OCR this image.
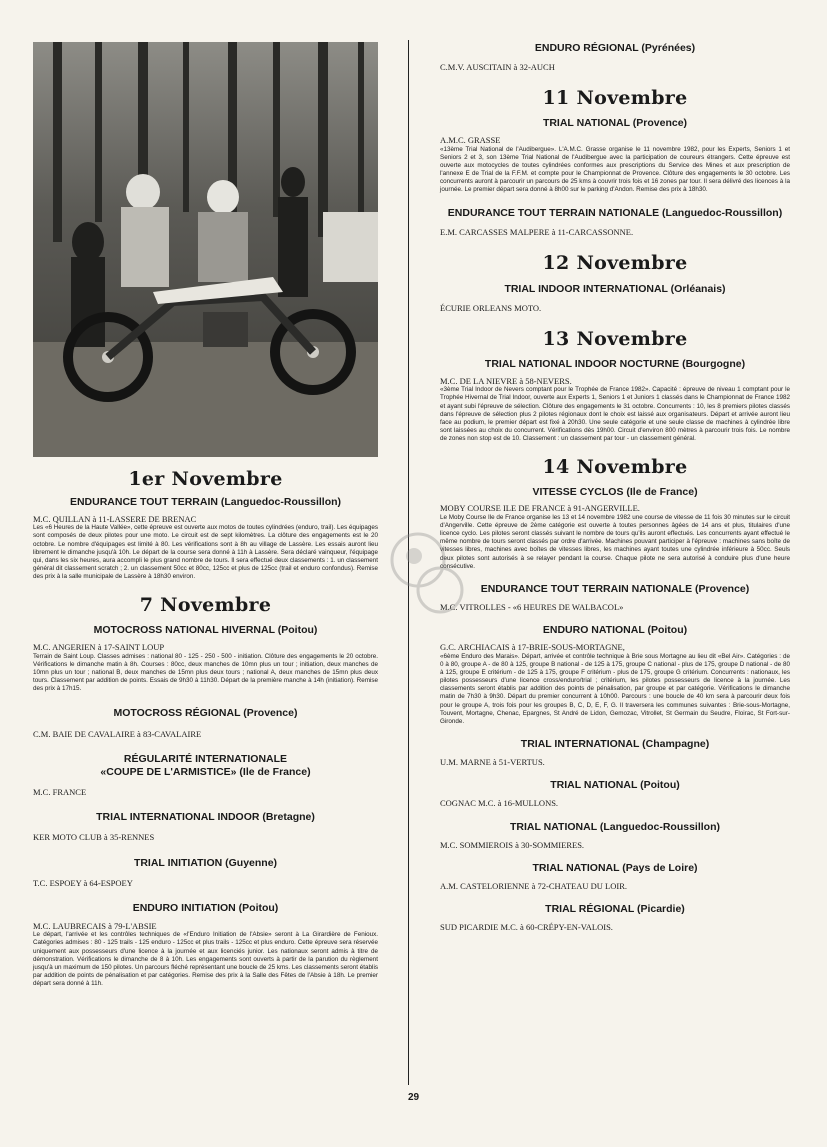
1er Novembre
ENDURANCE TOUT TERRAIN (Languedoc-Roussillon)
M.C. QUILLAN à 11-LASSERE DE BRENAC
Les «6 Heures de la Haute Vallée», cette épreuve est ouverte aux motos de toutes cylindrées (enduro, trail). Les équipages sont composés de deux pilotes pour une moto. Le circuit est de sept kilomètres. La clôture des engagements est le 20 octobre. Le nombre d'équipages est limité à 80. Les vérifications sont à 8h au village de Lassère. Les essais auront lieu librement le dimanche jusqu'à 10h. Le départ de la course sera donné à 11h à Lassère. Sera déclaré vainqueur, l'équipage qui, dans les six heures, aura accompli le plus grand nombre de tours. Il sera effectué deux classements : 1. un classement général dit classement scratch ; 2. un classement 50cc et 80cc, 125cc et plus de 125cc (trail et enduro confondus). Remise des prix à la salle municipale de Lassère à 18h30 environ.
7 Novembre
MOTOCROSS NATIONAL HIVERNAL (Poitou)
M.C. ANGERIEN à 17-SAINT LOUP
Terrain de Saint Loup. Classes admises : national 80 - 125 - 250 - 500 - initiation. Clôture des engagements le 20 octobre. Vérifications le dimanche matin à 8h. Courses : 80cc, deux manches de 10mn plus un tour ; initiation, deux manches de 10mn plus un tour ; national B, deux manches de 15mn plus deux tours ; national A, deux manches de 15mn plus deux tours. Classement par addition de points. Essais de 9h30 à 11h30. Départ de la première manche à 14h (initiation). Remise des prix à 17h15.
MOTOCROSS RÉGIONAL (Provence)
C.M. BAIE DE CAVALAIRE à 83-CAVALAIRE
RÉGULARITÉ INTERNATIONALE
«COUPE DE L'ARMISTICE» (Ile de France)
M.C. FRANCE
TRIAL INTERNATIONAL INDOOR (Bretagne)
KER MOTO CLUB à 35-RENNES
TRIAL INITIATION (Guyenne)
T.C. ESPOEY à 64-ESPOEY
ENDURO INITIATION (Poitou)
M.C. LAUBRECAIS à 79-L'ABSIE
Le départ, l'arrivée et les contrôles techniques de «l'Enduro Initiation de l'Absie» seront à La Girardière de Fenioux. Catégories admises : 80 - 125 trails - 125 enduro - 125cc et plus trails - 125cc et plus enduro. Cette épreuve sera réservée uniquement aux possesseurs d'une licence à la journée et aux licenciés junior. Les nationaux seront admis à titre de démonstration. Vérifications le dimanche de 8 à 10h. Les engagements sont ouverts à partir de la parution du règlement jusqu'à un maximum de 150 pilotes. Un parcours fléché représentant une boucle de 25 kms. Les classements seront établis par addition de points de pénalisation et par catégories. Remise des prix à la Salle des Fêtes de l'Absie à 18h. Le premier départ sera donné à 11h.
ENDURO RÉGIONAL (Pyrénées)
C.M.V. AUSCITAIN à 32-AUCH
11 Novembre
TRIAL NATIONAL (Provence)
A.M.C. GRASSE
«13ème Trial National de l'Audibergue». L'A.M.C. Grasse organise le 11 novembre 1982, pour les Experts, Seniors 1 et Seniors 2 et 3, son 13ème Trial National de l'Audibergue avec la participation de coureurs étrangers. Cette épreuve est ouverte aux motocycles de toutes cylindrées conformes aux prescriptions du Service des Mines et aux prescription de l'annexe E de Trial de la F.F.M. et compte pour le Championnat de Provence. Clôture des engagements le 30 octobre. Les concurrents auront à parcourir un parcours de 25 kms à couvrir trois fois et 16 zones par tour. Il sera délivré des licences à la journée. Le premier départ sera donné à 8h00 sur le parking d'Andon. Remise des prix à 18h30.
ENDURANCE TOUT TERRAIN NATIONALE (Languedoc-Roussillon)
E.M. CARCASSES MALPERE à 11-CARCASSONNE.
12 Novembre
TRIAL INDOOR INTERNATIONAL (Orléanais)
ÉCURIE ORLEANS MOTO.
13 Novembre
TRIAL NATIONAL INDOOR NOCTURNE (Bourgogne)
M.C. DE LA NIEVRE à 58-NEVERS.
«3ème Trial Indoor de Nevers comptant pour le Trophée de France 1982». Capacité : épreuve de niveau 1 comptant pour le Trophée Hivernal de Trial Indoor, ouverte aux Experts 1, Seniors 1 et Juniors 1 classés dans le Championnat de France 1982 et ayant subi l'épreuve de sélection. Clôture des engagements le 31 octobre. Concurrents : 10, les 8 premiers pilotes classés dans l'épreuve de sélection plus 2 pilotes régionaux dont le choix est laissé aux organisateurs. Départ et arrivée auront lieu face au podium, le premier départ est fixé à 20h30. Une seule catégorie et une seule classe de machines à cylindrée libre sont laissées au choix du concurrent. Vérifications dès 19h00. Circuit d'environ 800 mètres à parcourir trois fois. Le nombre de zones non stop est de 10. Classement : un classement par tour - un classement général.
14 Novembre
VITESSE CYCLOS (Ile de France)
MOBY COURSE ILE DE FRANCE à 91-ANGERVILLE.
Le Moby Course Ile de France organise les 13 et 14 novembre 1982 une course de vitesse de 11 fois 30 minutes sur le circuit d'Angerville. Cette épreuve de 2ème catégorie est ouverte à toutes personnes âgées de 14 ans et plus, titulaires d'une licence cyclo. Les pilotes seront classés suivant le nombre de tours qu'ils auront effectués. Les concurrents ayant effectué le même nombre de tours seront classés par ordre d'arrivée. Machines pouvant participer à l'épreuve : machines sans boîte de vitesses libres, machines avec boîtes de vitesses libres, les machines ayant toutes une cylindrée inférieure à 50cc. Seuls deux pilotes sont autorisés à se relayer pendant la course. Chaque pilote ne sera autorisé à conduire plus d'une heure consécutive.
ENDURANCE TOUT TERRAIN NATIONALE (Provence)
M.C. VITROLLES - «6 HEURES DE WALBACOL»
ENDURO NATIONAL (Poitou)
G.C. ARCHIACAIS à 17-BRIE-SOUS-MORTAGNE,
«6ème Enduro des Marais». Départ, arrivée et contrôle technique à Brie sous Mortagne au lieu dit «Bel Air». Catégories : de 0 à 80, groupe A - de 80 à 125, groupe B national - de 125 à 175, groupe C national - plus de 175, groupe D national - de 80 à 125, groupe E critérium - de 125 à 175, groupe F critérium - plus de 175, groupe G critérium. Concurrents : nationaux, les pilotes possesseurs d'une licence cross/enduro/trial ; critérium, les pilotes possesseurs de licence à la journée. Les classements seront établis par addition des points de pénalisation, par groupe et par catégorie. Vérifications le dimanche matin de 7h30 à 9h30. Départ du premier concurrent à 10h00. Parcours : une boucle de 40 km sera à parcourir deux fois pour le groupe A, trois fois pour les groupes B, C, D, E, F, G. Il traversera les communes suivantes : Brie-sous-Mortagne, Touvent, Mortagne, Chenac, Epargnes, St André de Lidon, Gemozac, Vitrollet, St Germain du Seudre, Floirac, St Fort-sur-Gironde.
TRIAL INTERNATIONAL (Champagne)
U.M. MARNE à 51-VERTUS.
TRIAL NATIONAL (Poitou)
COGNAC M.C. à 16-MULLONS.
TRIAL NATIONAL (Languedoc-Roussillon)
M.C. SOMMIEROIS à 30-SOMMIERES.
TRIAL NATIONAL (Pays de Loire)
A.M. CASTELORIENNE à 72-CHATEAU DU LOIR.
TRIAL RÉGIONAL (Picardie)
SUD PICARDIE M.C. à 60-CRÉPY-EN-VALOIS.
29
